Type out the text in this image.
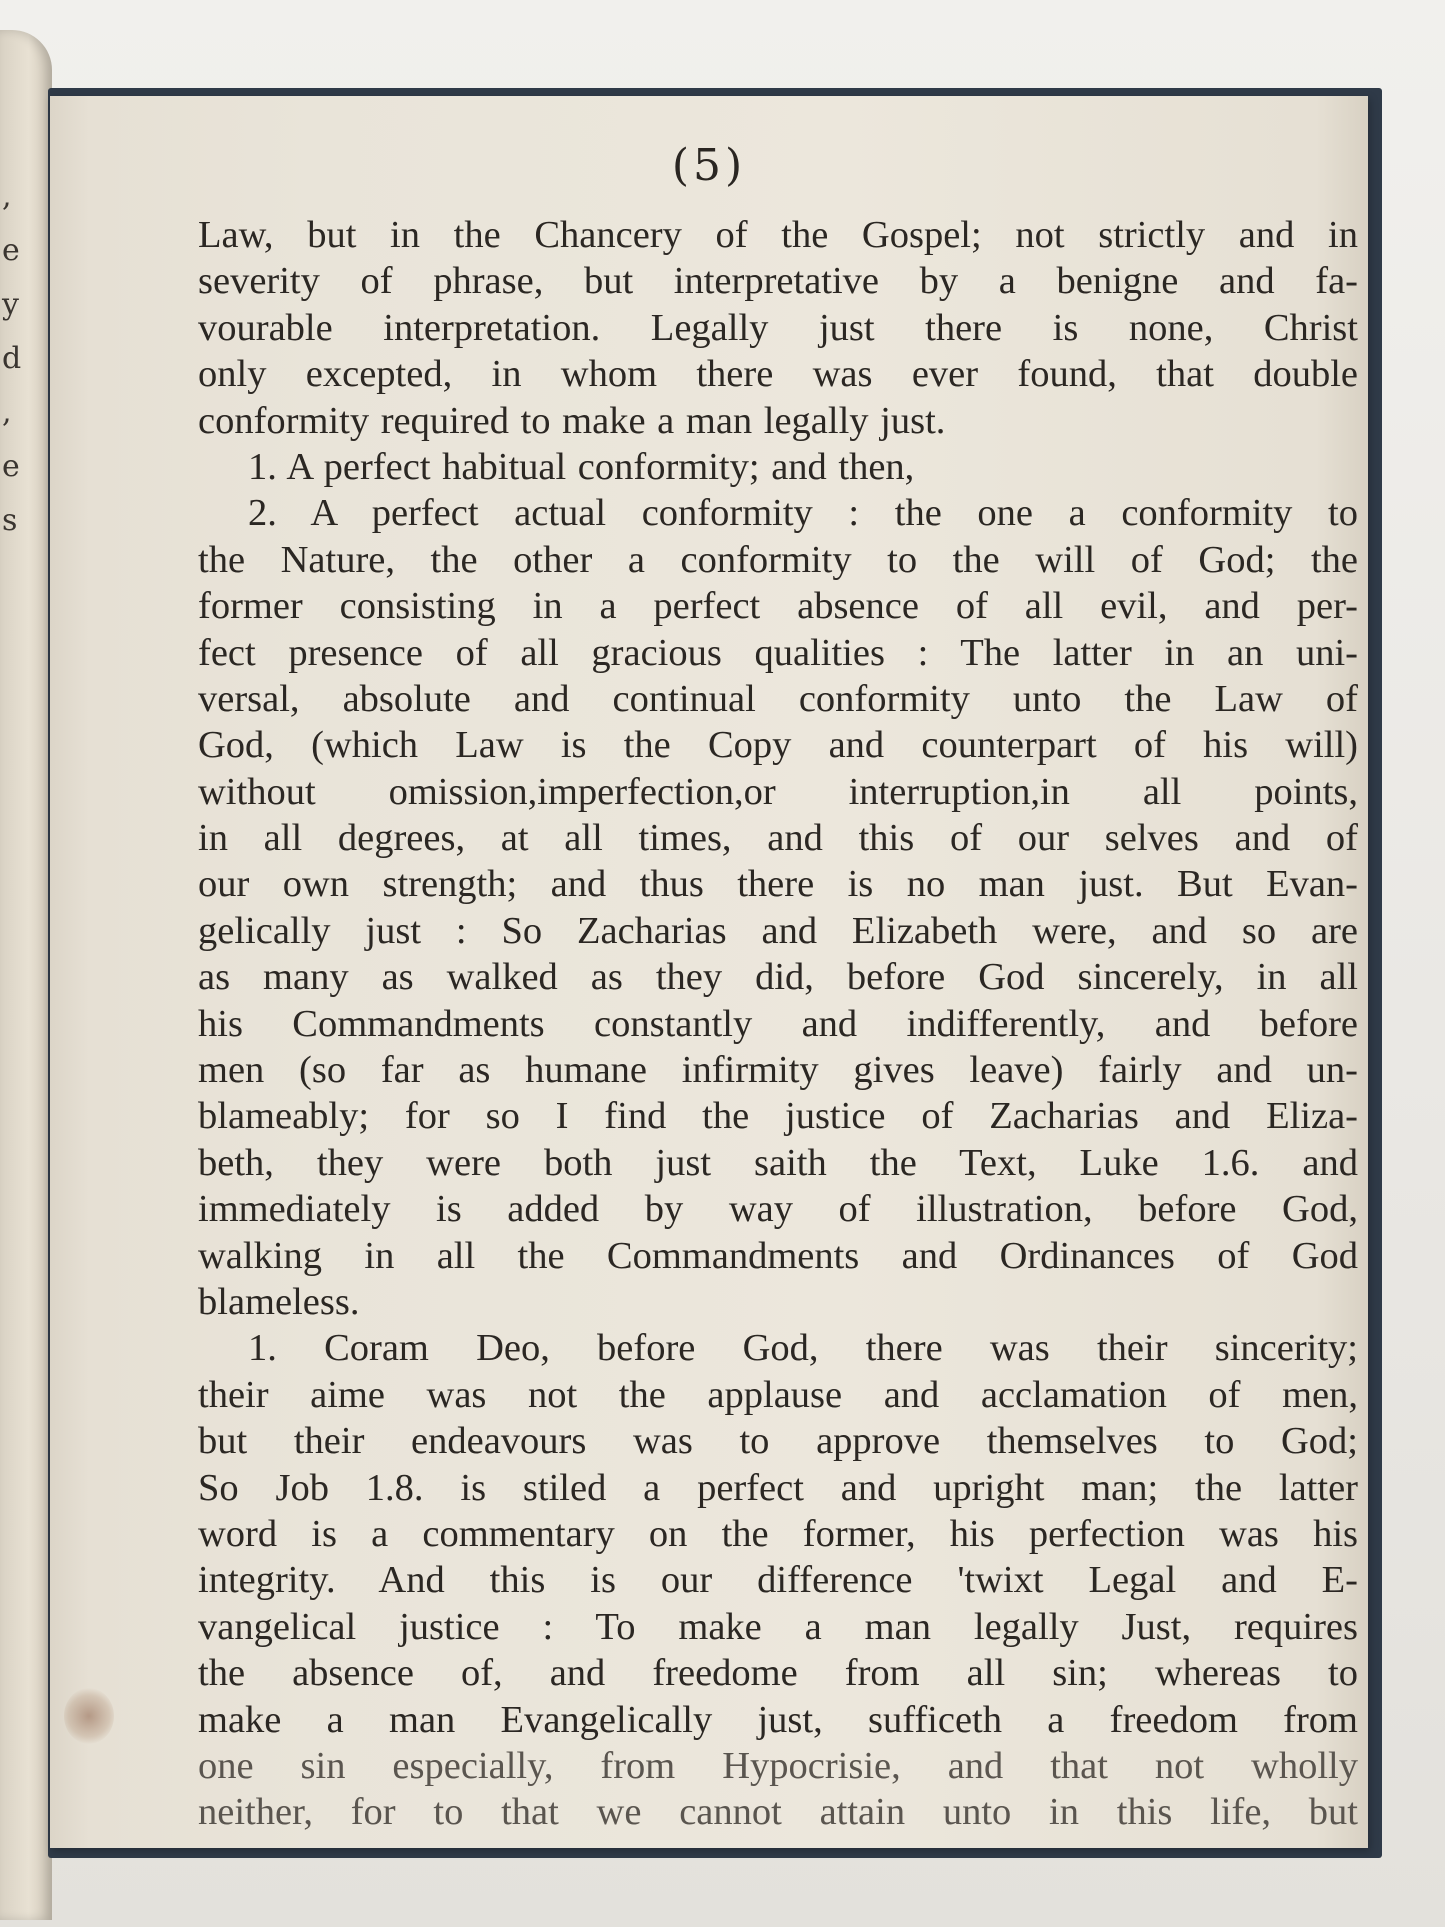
,
e
y
d
,
e
s
(5)
Law, but in the Chancery of the Gospel; not strictly and in
severity of phrase, but interpretative by a benigne and fa-
vourable interpretation. Legally just there is none, Christ
only excepted, in whom there was ever found, that double
conformity required to make a man legally just.
1. A perfect habitual conformity; and then,
2. A perfect actual conformity : the one a conformity to
the Nature, the other a conformity to the will of God; the
former consisting in a perfect absence of all evil, and per-
fect presence of all gracious qualities : The latter in an uni-
versal, absolute and continual conformity unto the Law of
God, (which Law is the Copy and counterpart of his will)
without omission,imperfection,or interruption,in all points,
in all degrees, at all times, and this of our selves and of
our own strength; and thus there is no man just. But Evan-
gelically just : So Zacharias and Elizabeth were, and so are
as many as walked as they did, before God sincerely, in all
his Commandments constantly and indifferently, and before
men (so far as humane infirmity gives leave) fairly and un-
blameably; for so I find the justice of Zacharias and Eliza-
beth, they were both just saith the Text, Luke 1.6. and
immediately is added by way of illustration, before God,
walking in all the Commandments and Ordinances of God
blameless.
1. Coram Deo, before God, there was their sincerity;
their aime was not the applause and acclamation of men,
but their endeavours was to approve themselves to God;
So Job 1.8. is stiled a perfect and upright man; the latter
word is a commentary on the former, his perfection was his
integrity. And this is our difference 'twixt Legal and E-
vangelical justice : To make a man legally Just, requires
the absence of, and freedome from all sin; whereas to
make a man Evangelically just, sufficeth a freedom from
one sin especially, from Hypocrisie, and that not wholly
neither, for to that we cannot attain unto in this life, but
